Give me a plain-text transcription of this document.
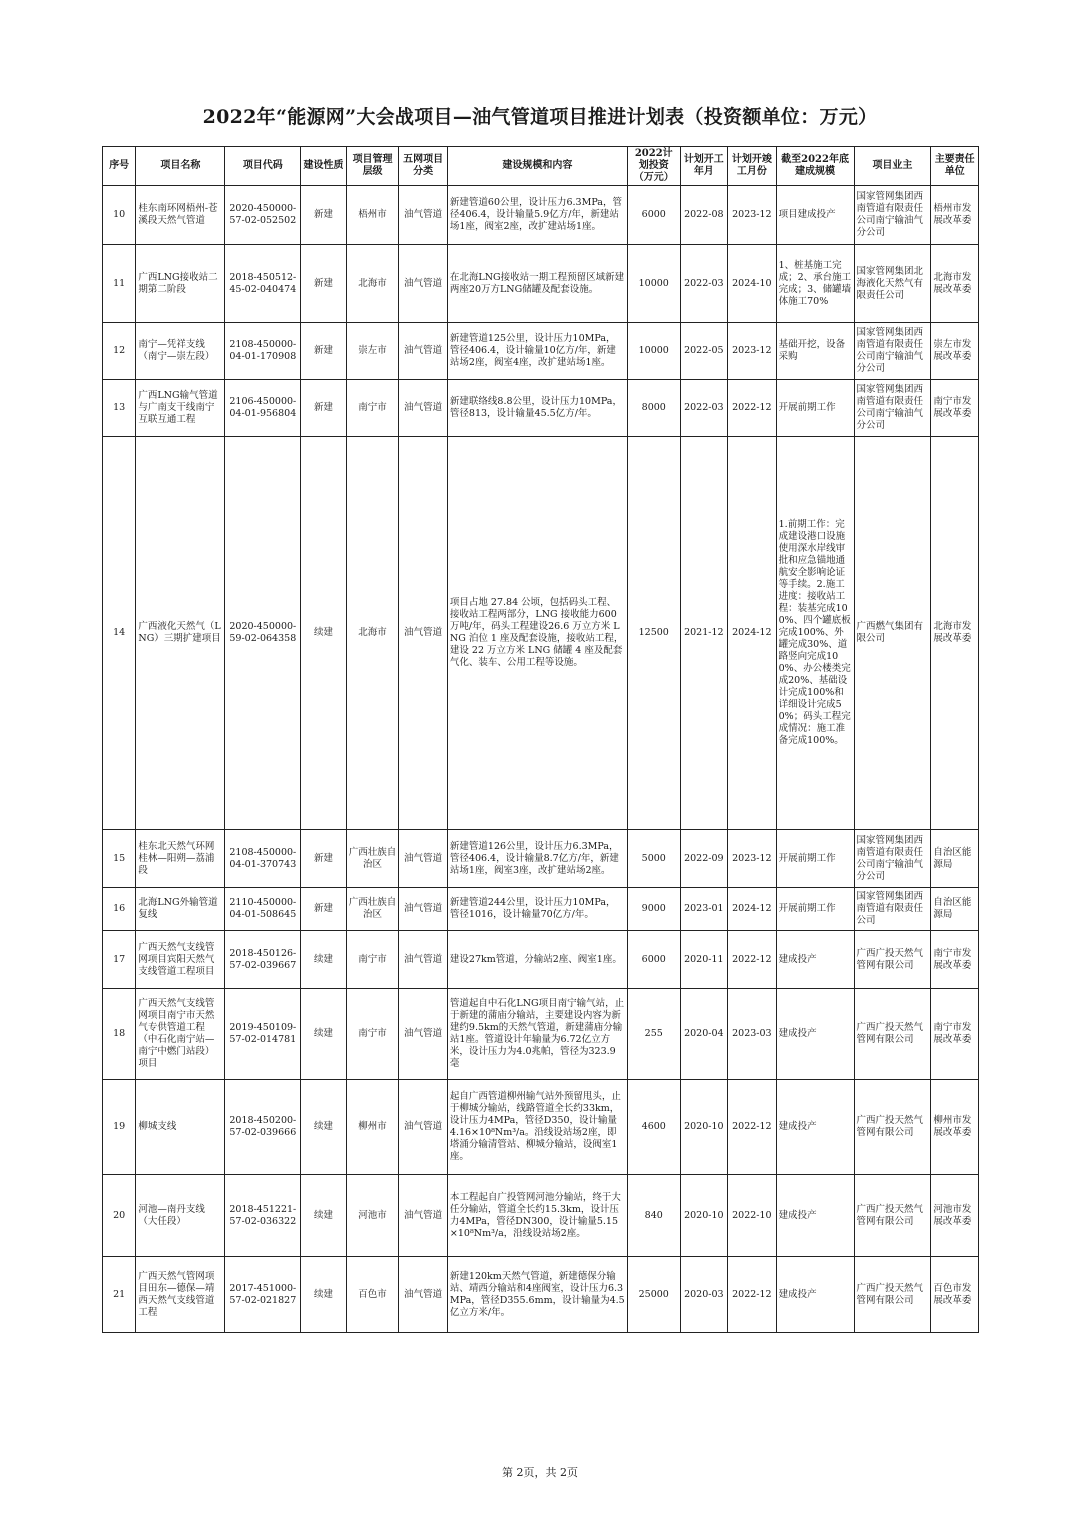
2022年“能源网”大会战项目—油气管道项目推进计划表（投资额单位：万元）
序号	项目名称	项目代码	建设性质	项目管理层级	五网项目分类	建设规模和内容	2022计划投资（万元）	计划开工年月	计划开竣工月份	截至2022年底建成规模	项目业主	主要责任单位
10	桂东南环网梧州-苍溪段天然气管道	2020-450000-57-02-052502	新建	梧州市	油气管道	新建管道60公里，设计压力6.3MPa，管径406.4，设计输量5.9亿方/年，新建站场1座，阀室2座，改扩建站场1座。	6000	2022-08	2023-12	项目建成投产	国家管网集团西南管道有限责任公司南宁输油气分公司	梧州市发展改革委
11	广西LNG接收站二期第二阶段	2018-450512-45-02-040474	新建	北海市	油气管道	在北海LNG接收站一期工程预留区域新建两座20万方LNG储罐及配套设施。	10000	2022-03	2024-10	1、桩基施工完成；2、承台施工完成；3、储罐墙体施工70%	国家管网集团北海液化天然气有限责任公司	北海市发展改革委
12	南宁—凭祥支线（南宁—崇左段）	2108-450000-04-01-170908	新建	崇左市	油气管道	新建管道125公里，设计压力10MPa，管径406.4，设计输量10亿方/年，新建站场2座，阀室4座，改扩建站场1座。	10000	2022-05	2023-12	基础开挖，设备采购	国家管网集团西南管道有限责任公司南宁输油气分公司	崇左市发展改革委
13	广西LNG输气管道与广南支干线南宁互联互通工程	2106-450000-04-01-956804	新建	南宁市	油气管道	新建联络线8.8公里，设计压力10MPa，管径813，设计输量45.5亿方/年。	8000	2022-03	2022-12	开展前期工作	国家管网集团西南管道有限责任公司南宁输油气分公司	南宁市发展改革委
14	广西液化天然气（LNG）三期扩建项目	2020-450000-59-02-064358	续建	北海市	油气管道	项目占地 27.84 公顷，包括码头工程、接收站工程两部分，LNG 接收能力600 万吨/年，码头工程建设26.6 万立方米 LNG 泊位 1 座及配套设施，接收站工程，建设 22 万立方米 LNG 储罐 4 座及配套气化、装车、公用工程等设施。	12500	2021-12	2024-12	1.前期工作：完成建设港口设施使用深水岸线审批和应急锚地通航安全影响论证等手续。2.施工进度：接收站工程：装基完成100%、四个罐底板完成100%、外罐完成30%、道路竖向完成100%、办公楼类完成20%、基础设计完成100%和详细设计完成50%；码头工程完成情况：施工准备完成100%。	广西燃气集团有限公司	北海市发展改革委
15	桂东北天然气环网桂林—阳朔—荔浦段	2108-450000-04-01-370743	新建	广西壮族自治区	油气管道	新建管道126公里，设计压力6.3MPa，管径406.4，设计输量8.7亿方/年，新建站场1座，阀室3座，改扩建站场2座。	5000	2022-09	2023-12	开展前期工作	国家管网集团西南管道有限责任公司南宁输油气分公司	自治区能源局
16	北海LNG外输管道复线	2110-450000-04-01-508645	新建	广西壮族自治区	油气管道	新建管道244公里，设计压力10MPa，管径1016，设计输量70亿方/年。	9000	2023-01	2024-12	开展前期工作	国家管网集团西南管道有限责任公司	自治区能源局
17	广西天然气支线管网项目宾阳天然气支线管道工程项目	2018-450126-57-02-039667	续建	南宁市	油气管道	建设27km管道，分输站2座、阀室1座。	6000	2020-11	2022-12	建成投产	广西广投天然气管网有限公司	南宁市发展改革委
18	广西天然气支线管网项目南宁市天然气专供管道工程（中石化南宁站—南宁中燃门站段）项目	2019-450109-57-02-014781	续建	南宁市	油气管道	管道起自中石化LNG项目南宁输气站，止于新建的蒲庙分输站，主要建设内容为新建约9.5km的天然气管道，新建蒲庙分输站1座。管道设计年输量为6.72亿立方米，设计压力为4.0兆帕，管径为323.9毫	255	2020-04	2023-03	建成投产	广西广投天然气管网有限公司	南宁市发展改革委
19	柳城支线	2018-450200-57-02-039666	续建	柳州市	油气管道	起自广西管道柳州输气站外预留甩头，止于柳城分输站，线路管道全长约33km，设计压力4MPa，管径D350，设计输量4.16×10⁸Nm³/a。沿线设站场2座，即塔涌分输清管站、柳城分输站，设阀室1座。	4600	2020-10	2022-12	建成投产	广西广投天然气管网有限公司	柳州市发展改革委
20	河池—南丹支线（大任段）	2018-451221-57-02-036322	续建	河池市	油气管道	本工程起自广投管网河池分输站，终于大任分输站，管道全长约15.3km，设计压力4MPa，管径DN300，设计输量5.15×10⁸Nm³/a，沿线设站场2座。	840	2020-10	2022-10	建成投产	广西广投天然气管网有限公司	河池市发展改革委
21	广西天然气管网项目田东—德保—靖西天然气支线管道工程	2017-451000-57-02-021827	续建	百色市	油气管道	新建120km天然气管道，新建德保分输站、靖西分输站和4座阀室，设计压力6.3MPa，管径D355.6mm，设计输量为4.5亿立方米/年。	25000	2020-03	2022-12	建成投产	广西广投天然气管网有限公司	百色市发展改革委
第 2页，共 2页
